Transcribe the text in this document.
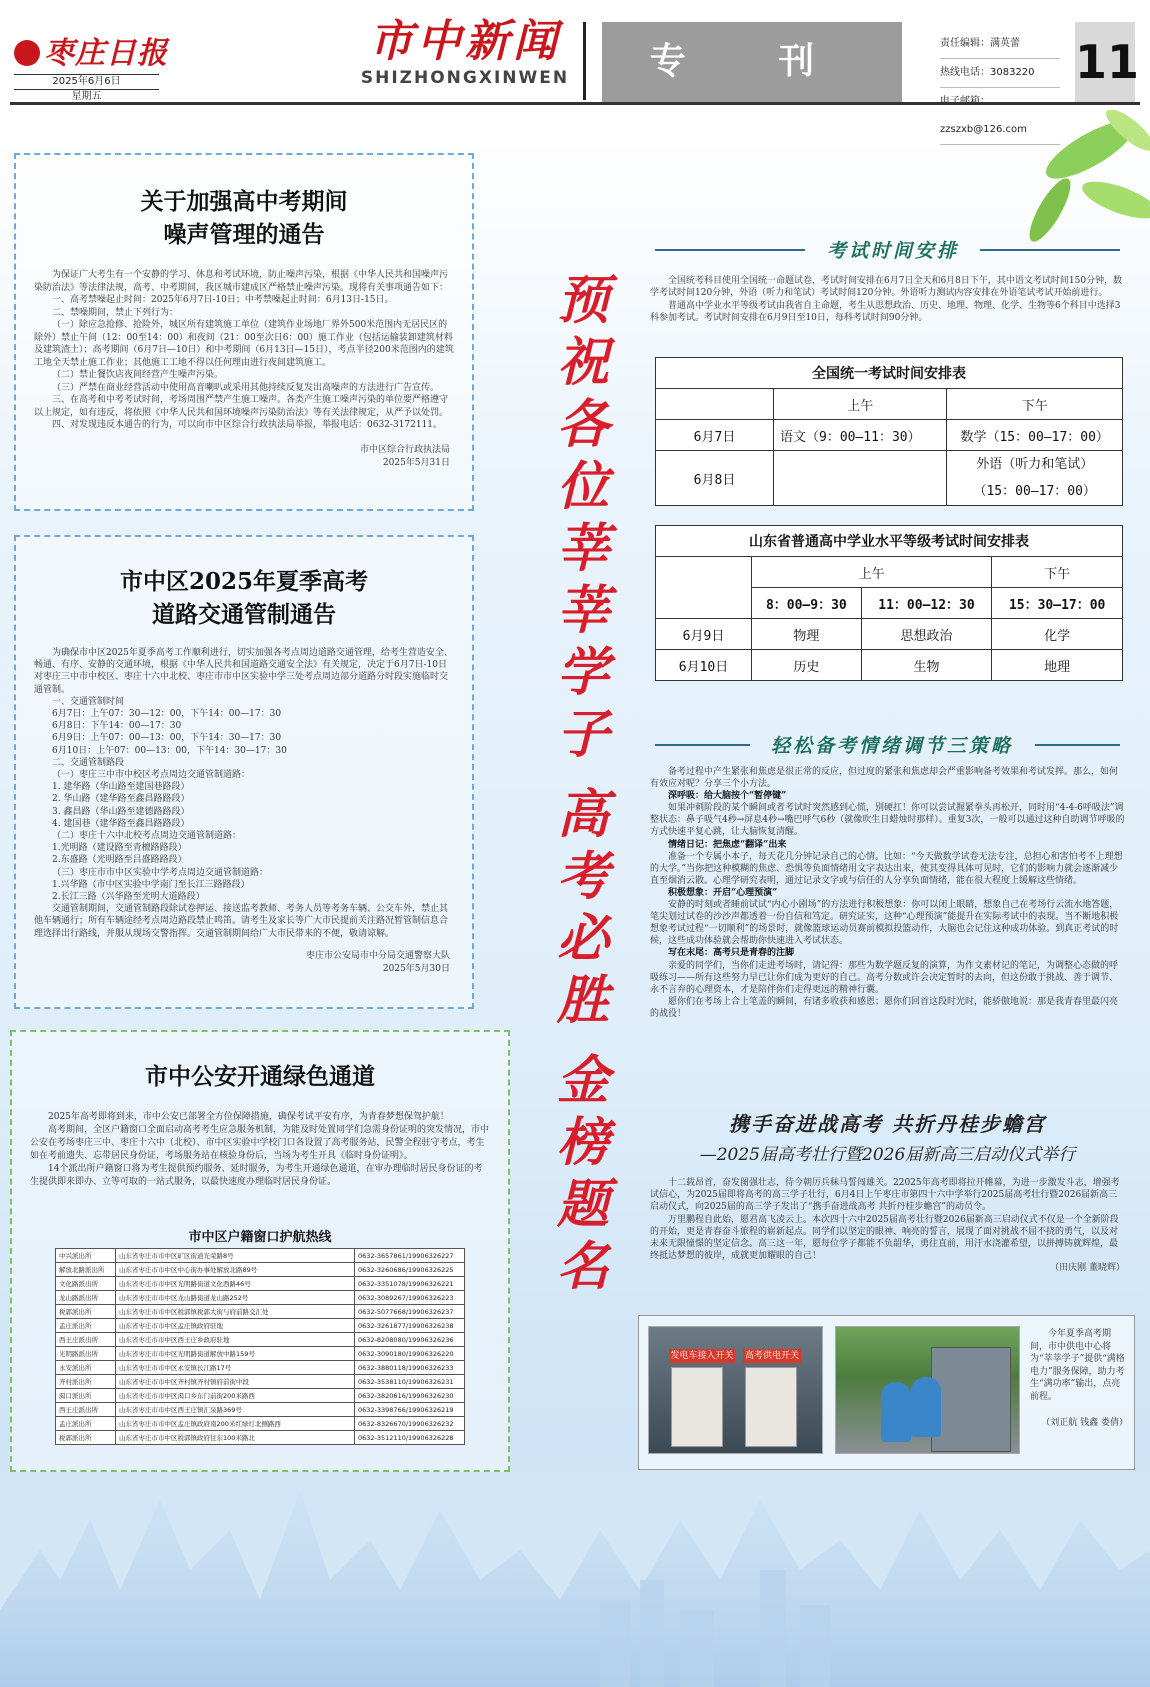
枣庄日报
2025年6月6日
星期五
市中新闻
SHIZHONGXINWEN	专 刊	责任编辑：满英蕾
热线电话：3083220
zzszxb@126.com
11
关于加强高中考期间
噪声管理的通告

为保证广大考生有一个安静的学习、休息和考试环境，防止噪声污染，根据《中华人民共和国噪声污染防治法》等法律法规，高考、中考期间，我区城市建成区严格禁止噪声污染。现将有关事项通告如下：

一、高考禁噪起止时间：2025年6月7日-10日；中考禁噪起止时间：6月13日-15日。

二、禁噪期间，禁止下列行为：

（一）除应急抢修、抢险外，城区所有建筑施工单位（建筑作业场地厂界外500米范围内无居民区的除外）禁止午间（12：00至14：00）和夜间（21：00至次日6：00）施工作业（包括运输装卸建筑材料及建筑渣土）；高考期间（6月7日—10日）和中考期间（6月13日—15日），考点半径200米范围内的建筑工地全天禁止施工作业；其他施工工地不得以任何理由进行夜间建筑施工。

（二）禁止餐饮店夜间经营产生噪声污染。

（三）严禁在商业经营活动中使用高音喇叭或采用其他持续反复发出高噪声的方法进行广告宣传。

三、在高考和中考考试时间，考场周围严禁产生施工噪声。各类产生施工噪声污染的单位要严格遵守以上规定，如有违反，将依照《中华人民共和国环境噪声污染防治法》等有关法律规定，从严予以处罚。

四、对发现违反本通告的行为，可以向市中区综合行政执法局举报，举报电话：0632-3172111。

市中区综合行政执法局
2025年5月31日
市中区2025年夏季高考
道路交通管制通告

为确保市中区2025年夏季高考工作顺利进行，切实加强各考点周边道路交通管理，给考生营造安全、畅通、有序、安静的交通环境，根据《中华人民共和国道路交通安全法》有关规定，决定于6月7日-10日对枣庄三中市中校区、枣庄十六中北校、枣庄市市中区实验中学三处考点周边部分道路分时段实施临时交通管制。

一、交通管制时间

6月7日：上午07：30—12：00，下午14：00—17：30

6月8日：下午14：00—17：30

6月9日：上午07：00—13：00，下午14：30—17：30

6月10日：上午07：00—13：00，下午14：30—17：30

二、交通管制路段

（一）枣庄三中市中校区考点周边交通管制道路：

1. 建华路（华山路至建国巷路段）

2. 华山路（建华路至鑫昌路路段）

3. 鑫昌路（华山路至建德路路段）

4. 建国巷（建华路至鑫昌路路段）

（二）枣庄十六中北校考点周边交通管制道路：

1.光明路（建设路至青檀路路段）

2.东盛路（光明路至吕盛路路段）

（三）枣庄市市中区实验中学考点周边交通管制道路：

1.兴华路（市中区实验中学南门至长江三路路段）

2.长江三路（兴华路至光明大道路段）

交通管制期间，交通管制路段除试卷押运、接送监考教师、考务人员等考务车辆、公交车外，禁止其他车辆通行；所有车辆途经考点周边路段禁止鸣笛。请考生及家长等广大市民提前关注路况暂管制信息合理选择出行路线，并服从现场交警指挥。交通管制期间给广大市民带来的不便，敬请谅解。

枣庄市公安局市中分局交通警察大队
2025年5月30日
市中公安开通绿色通道

2025年高考即将到来，市中公安已部署全方位保障措施，确保考试平安有序，为青春梦想保驾护航！

高考期间，全区户籍窗口全面启动高考考生应急服务机制，为能及时处置同学们急需身份证明的突发情况，市中公安在考场枣庄三中、枣庄十六中（北校）、市中区实验中学校门口各设置了高考服务站，民警全程驻守考点，考生如在考前遗失、忘带居民身份证，考场服务站在核验身份后，当场为考生开具《临时身份证明》。

14个派出所户籍窗口将为考生提供预约服务、延时服务，为考生开通绿色通道，在审办理临时居民身份证的考生提供即来即办、立等可取的一站式服务，以最快速度办理临时居民身份证。

市中区户籍窗口护航热线
中兴派出所	山东省枣庄市市中区矿区街道光荣路8号	0632-3657861/19906326227
解放北路派出所	山东省枣庄市市中区中心街办事处解放北路89号	0632-3260686/19906326225
文化路派出所	山东省枣庄市市中区光明路街道文化西路46号	0632-3351078/19906326221
龙山路派出所	山东省枣庄市市中区龙山路街道龙山路252号	0632-3089267/19906326223
税郭派出所	山东省枣庄市市中区税郭镇税郭大街与府前路交汇处	0632-5077668/19906326237
孟庄派出所	山东省枣庄市市中区孟庄镇政府驻地	0632-3261877/19906326238
西王庄派出所	山东省枣庄市市中区西王庄乡政府驻地	0632-8208080/19906326236
光明路派出所	山东省枣庄市市中区光明路街道解放中路159号	0632-3090180/19906326220
永安派出所	山东省枣庄市市中区永安镇长江路17号	0632-3880118/19906326233
齐村派出所	山东省枣庄市市中区齐村镇齐村镇府前街中段	0632-3538110/19906326231
渴口派出所	山东省枣庄市市中区渴口乡东门前街200米路西	0632-3820616/19906326230
西王庄派出所	山东省枣庄市市中区西王庄镇汇泉路369号	0632-3398766/19906326219
孟庄派出所	山东省枣庄市市中区孟庄镇政府南200米红绿灯北侧路西	0632-8326670/19906326232
税郭派出所	山东省枣庄市市中区税郭镇政府往东100米路北	0632-3512110/19906326228
预
祝
各
位
莘
莘
学
子
高
考
必
胜
金
榜
题
名
考试时间安排

全国统考科目使用全国统一命题试卷，考试时间安排在6月7日全天和6月8日下午，其中语文考试时间150分钟，数学考试时间120分钟，外语（听力和笔试）考试时间120分钟。外语听力测试内容安排在外语笔试考试开始前进行。

普通高中学业水平等级考试由我省自主命题，考生从思想政治、历史、地理、物理、化学、生物等6个科目中选择3科参加考试。考试时间安排在6月9日至10日，每科考试时间90分钟。

全国统一考试时间安排表		
	上午	下午
6月7日	语文（9：00—11：30）	数学（15：00—17：00）
6月8日		外语（听力和笔试）
（15：00—17：00）
山东省普通高中学业水平等级考试时间安排表			
	上午		下午
	8：00—9：30	11：00—12：30	15：30—17：00
6月9日	物理	思想政治	化学
6月10日	历史	生物	地理
轻松备考情绪调节三策略

备考过程中产生紧张和焦虑是很正常的反应，但过度的紧张和焦虑却会严重影响备考效果和考试发挥。那么，如何有效应对呢？分享三个小方法。

深呼吸：给大脑按个“暂停键”

如果冲刺阶段的某个瞬间或者考试时突然感到心慌，别硬扛！你可以尝试握紧拳头再松开，同时用“4-4-6呼吸法”调整状态：鼻子吸气4秒→屏息4秒→嘴巴呼气6秒（就像吹生日蜡烛时那样）。重复3次，一般可以通过这种自助调节呼吸的方式快速平复心跳，让大脑恢复清醒。

情绪日记：把焦虑“翻译”出来

准备一个专属小本子，每天花几分钟记录自己的心情。比如：“今天做数学试卷无法专注，总担心和害怕考不上理想的大学。”当你把这种模糊的焦虑、恐惧等负面情绪用文字表达出来，使其变得具体可见时，它们的影响力就会逐渐减少直至烟消云散。心理学研究表明，通过记录文字或与信任的人分享负面情绪，能在很大程度上缓解这些情绪。

积极想象：开启“心理预演”

安静的时刻或者睡前试试“内心小剧场”的方法进行积极想象：你可以闭上眼睛，想象自己在考场行云流水地答题，笔尖划过试卷的沙沙声都透着一份自信和笃定。研究证实，这种“心理预演”能提升在实际考试中的表现。当不断地积极想象考试过程“一切顺利”的场景时，就像篮球运动员赛前模拟投篮动作，大脑也会记住这种成功体验。到真正考试的时候，这些成功体验就会帮助你快速进入考试状态。

写在末尾：高考只是青春的注脚

亲爱的同学们，当你们走进考场时，请记得：那些为数学题反复的演算，为作文素材记的笔记，为调整心态做的呼吸练习——所有这些努力早已让你们成为更好的自己。高考分数或许会决定暂时的去向，但这份敢于挑战、善于调节、永不言弃的心理资本，才是陪伴你们走得更远的精神行囊。

愿你们在考场上合上笔盖的瞬间，有诸多收获和感恩；愿你们回首这段时光时，能骄傲地说：那是我青春里最闪亮的战役！

携手奋进战高考 共折丹桂步蟾宫
—2025届高考壮行暨2026届新高三启动仪式举行

十二载昂首，奋发图强壮志，待今朝厉兵秣马誓闯雄关。22025年高考即将拉开帷幕，为进一步激发斗志，增强考试信心，为2025届即将高考的高三学子壮行，6月4日上午枣庄市第四十六中学举行2025届高考壮行暨2026届新高三启动仪式，向2025届的高三学子发出了“携手奋进战高考 共折丹桂步蟾宫”的动员令。

万里鹏程自此始，愿君高飞凌云上。本次四十六中2025届高考壮行暨2026届新高三启动仪式不仅是一个全新阶段的开始，更是青春奋斗旅程的崭新起点。同学们以坚定的眼神、响亮的誓言，展现了面对挑战不屈不挠的勇气，以及对未来无限憧憬的坚定信念。高三这一年，愿每位学子都能不负韶华，勇往直前，用汗水浇灌希望，以拼搏铸就辉煌，最终抵达梦想的彼岸，成就更加耀眼的自己！

（田庆刚 董晓辉）
发电车接入开关 高考供电开关
今年夏季高考期间，市中供电中心将为“莘莘学子”提供“满格电力”服务保障，助力考生“满功率”输出，点亮前程。
（刘正航 钱鑫 娄倩）
